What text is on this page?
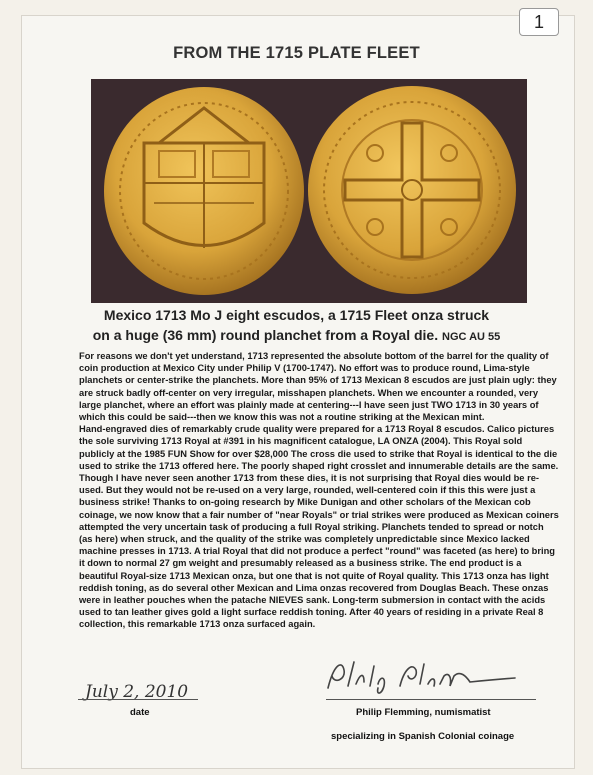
1
FROM THE 1715 PLATE FLEET
Mexico 1713 Mo J eight escudos, a 1715 Fleet onza struck
on a huge (36 mm) round planchet from a Royal die. NGC AU 55

For reasons we don't yet understand, 1713 represented the absolute bottom of the barrel for the quality of coin production at Mexico City under Philip V (1700-1747). No effort was to produce round, Lima-style planchets or center-strike the planchets. More than 95% of 1713 Mexican 8 escudos are just plain ugly: they are struck badly off-center on very irregular, misshapen planchets. When we encounter a rounded, very large planchet, where an effort was plainly made at centering---I have seen just TWO 1713 in 30 years of which this could be said---then we know this was not a routine striking at the Mexican mint.

Hand-engraved dies of remarkably crude quality were prepared for a 1713 Royal 8 escudos. Calico pictures the sole surviving 1713 Royal at #391 in his magnificent catalogue, LA ONZA (2004). This Royal sold publicly at the 1985 FUN Show for over $28,000 The cross die used to strike that Royal is identical to the die used to strike the 1713 offered here. The poorly shaped right crosslet and innumerable details are the same.

Though I have never seen another 1713 from these dies, it is not surprising that Royal dies would be re-used. But they would not be re-used on a very large, rounded, well-centered coin if this this were just a business strike! Thanks to on-going research by Mike Dunigan and other scholars of the Mexican cob coinage, we now know that a fair number of "near Royals" or trial strikes were produced as Mexican coiners attempted the very uncertain task of producing a full Royal striking. Planchets tended to spread or notch (as here) when struck, and the quality of the strike was completely unpredictable since Mexico lacked machine presses in 1713. A trial Royal that did not produce a perfect "round" was faceted (as here) to bring it down to normal 27 gm weight and presumably released as a business strike. The end product is a beautiful Royal-size 1713 Mexican onza, but one that is not quite of Royal quality. This 1713 onza has light reddish toning, as do several other Mexican and Lima onzas recovered from Douglas Beach. These onzas were in leather pouches when the patache NIEVES sank. Long-term submersion in contact with the acids used to tan leather gives gold a light surface reddish toning. After 40 years of residing in a private Real 8 collection, this remarkable 1713 onza surfaced again.

July 2, 2010
date	Philip Flemming, numismatist
specializing in Spanish Colonial coinage
